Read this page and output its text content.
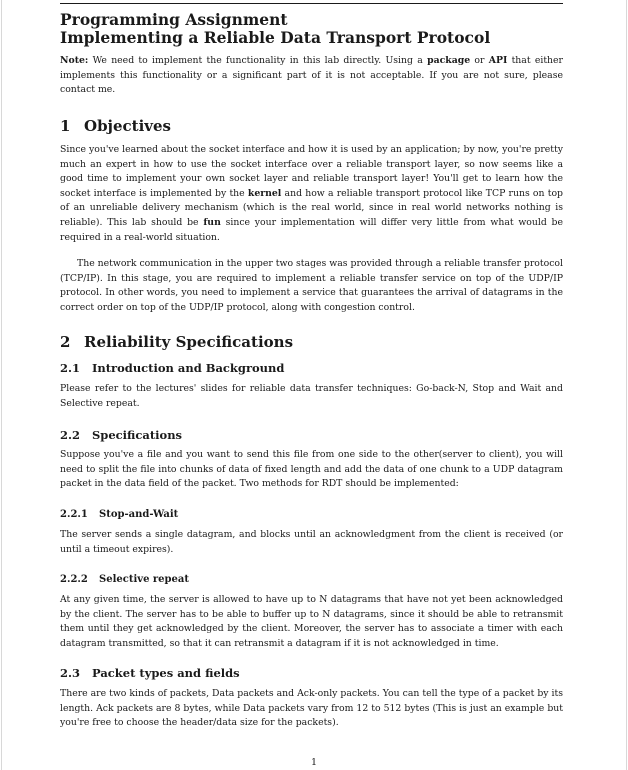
Programming Assignment
Implementing a Reliable Data Transport Protocol
Note: We need to implement the functionality in this lab directly. Using a package or API that either implements this functionality or a significant part of it is not acceptable. If you are not sure, please contact me.
1 Objectives
Since you've learned about the socket interface and how it is used by an application; by now, you're pretty much an expert in how to use the socket interface over a reliable transport layer, so now seems like a good time to implement your own socket layer and reliable transport layer! You'll get to learn how the socket interface is implemented by the kernel and how a reliable transport protocol like TCP runs on top of an unreliable delivery mechanism (which is the real world, since in real world networks nothing is reliable). This lab should be fun since your implementation will differ very little from what would be required in a real-world situation.
The network communication in the upper two stages was provided through a reliable transfer protocol (TCP/IP). In this stage, you are required to implement a reliable transfer service on top of the UDP/IP protocol. In other words, you need to implement a service that guarantees the arrival of datagrams in the correct order on top of the UDP/IP protocol, along with congestion control.
2 Reliability Specifications
2.1 Introduction and Background
Please refer to the lectures' slides for reliable data transfer techniques: Go-back-N, Stop and Wait and Selective repeat.
2.2 Specifications
Suppose you've a file and you want to send this file from one side to the other(server to client), you will need to split the file into chunks of data of fixed length and add the data of one chunk to a UDP datagram packet in the data field of the packet. Two methods for RDT should be implemented:
2.2.1 Stop-and-Wait
The server sends a single datagram, and blocks until an acknowledgment from the client is received (or until a timeout expires).
2.2.2 Selective repeat
At any given time, the server is allowed to have up to N datagrams that have not yet been acknowledged by the client. The server has to be able to buffer up to N datagrams, since it should be able to retransmit them until they get acknowledged by the client. Moreover, the server has to associate a timer with each datagram transmitted, so that it can retransmit a datagram if it is not acknowledged in time.
2.3 Packet types and fields
There are two kinds of packets, Data packets and Ack-only packets. You can tell the type of a packet by its length. Ack packets are 8 bytes, while Data packets vary from 12 to 512 bytes (This is just an example but you're free to choose the header/data size for the packets).
1
